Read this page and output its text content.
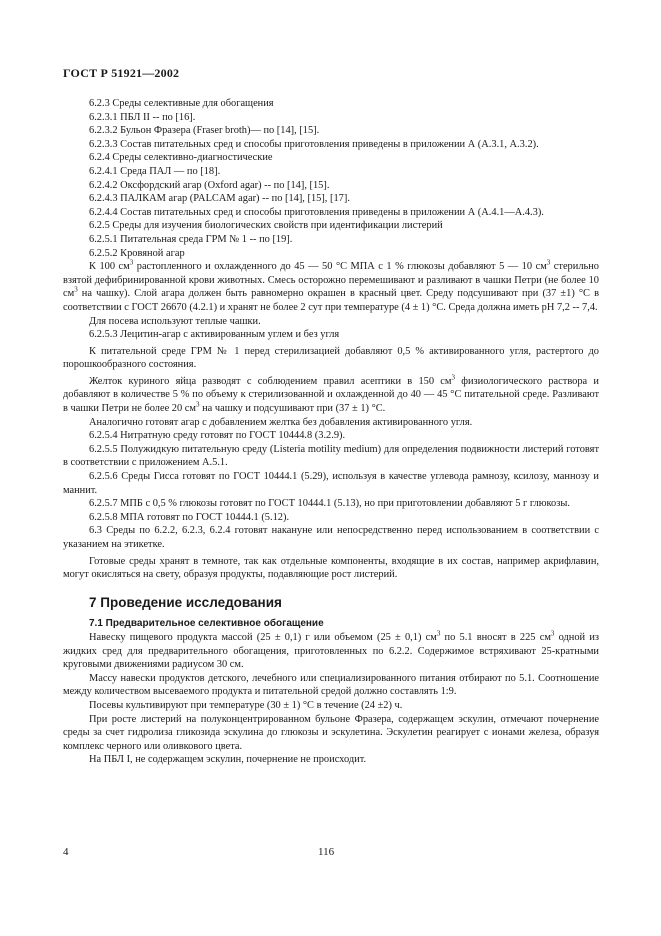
ГОСТ Р 51921—2002

6.2.3 Среды селективные для обогащения

6.2.3.1 ПБЛ II -- по [16].

6.2.3.2 Бульон Фразера (Fraser broth)— по [14], [15].

6.2.3.3 Состав питательных сред и способы приготовления приведены в приложении А (А.3.1, А.3.2).

6.2.4 Среды селективно-диагностические

6.2.4.1 Среда ПАЛ — по [18].

6.2.4.2 Оксфордский агар (Oxford agar) -- по [14], [15].

6.2.4.3 ПАЛКАМ агар (PALCAM agar) -- по [14], [15], [17].

6.2.4.4 Состав питательных сред и способы приготовления приведены в приложении А (А.4.1—А.4.3).

6.2.5 Среды для изучения биологических свойств при идентификации листерий

6.2.5.1 Питательная среда ГРМ № 1 -- по [19].

6.2.5.2 Кровяной агар

К 100 $см^3$ растопленного и охлажденного до 45 — 50 °С МПА с 1 % глюкозы добавляют 5 — 10 $см^3$ стерильно взятой дефибринированной крови животных. Смесь осторожно перемешивают и разливают в чашки Петри (не более 10 $см^3$ на чашку). Слой агара должен быть равномерно окрашен в красный цвет. Среду подсушивают при (37 ±1) °С в соответствии с ГОСТ 26670 (4.2.1) и хранят не более 2 сут при температуре (4 ± 1) °С. Среда должна иметь pH 7,2 -- 7,4.

Для посева используют теплые чашки.

6.2.5.3 Лецитин-агар с активированным углем и без угля

К питательной среде ГРМ № 1 перед стерилизацией добавляют 0,5 % активированного угля, растертого до порошкообразного состояния.

Желток куриного яйца разводят с соблюдением правил асептики в 150 $см^3$ физиологического раствора и добавляют в количестве 5 % по объему к стерилизованной и охлажденной до 40 — 45 °С питательной среде. Разливают в чашки Петри не более 20 $см^3$ на чашку и подсушивают при (37 ± 1) °С.

Аналогично готовят агар с добавлением желтка без добавления активированного угля.

6.2.5.4 Нитратную среду готовят по ГОСТ 10444.8 (3.2.9).

6.2.5.5 Полужидкую питательную среду (Listeria motility medium) для определения подвижности листерий готовят в соответствии с приложением А.5.1.

6.2.5.6 Среды Гисса готовят по ГОСТ 10444.1 (5.29), используя в качестве углевода рамнозу, ксилозу, маннозу и маннит.

6.2.5.7 МПБ с 0,5 % глюкозы готовят по ГОСТ 10444.1 (5.13), но при приготовлении добавляют 5 г глюкозы.

6.2.5.8 МПА готовят по ГОСТ 10444.1 (5.12).

6.3 Среды по 6.2.2, 6.2.3, 6.2.4 готовят накануне или непосредственно перед использованием в соответствии с указанием на этикетке.

Готовые среды хранят в темноте, так как отдельные компоненты, входящие в их состав, например акрифлавин, могут окисляться на свету, образуя продукты, подавляющие рост листерий.

7 Проведение исследования
7.1 Предварительное селективное обогащение

Навеску пищевого продукта массой (25 ± 0,1) г или объемом (25 ± 0,1) $см^3$ по 5.1 вносят в 225 $см^3$ одной из жидких сред для предварительного обогащения, приготовленных по 6.2.2. Содержимое встряхивают 25-кратными круговыми движениями радиусом 30 см.

Массу навески продуктов детского, лечебного или специализированного питания отбирают по 5.1. Соотношение между количеством высеваемого продукта и питательной средой должно составлять 1:9.

Посевы культивируют при температуре (30 ± 1) °С в течение (24 ±2) ч.

При росте листерий на полуконцентрированном бульоне Фразера, содержащем эскулин, отмечают почернение среды за счет гидролиза гликозида эскулина до глюкозы и эскулетина. Эскулетин реагирует с ионами железа, образуя комплекс черного или оливкового цвета.

На ПБЛ I, не содержащем эскулин, почернение не происходит.

4	116
